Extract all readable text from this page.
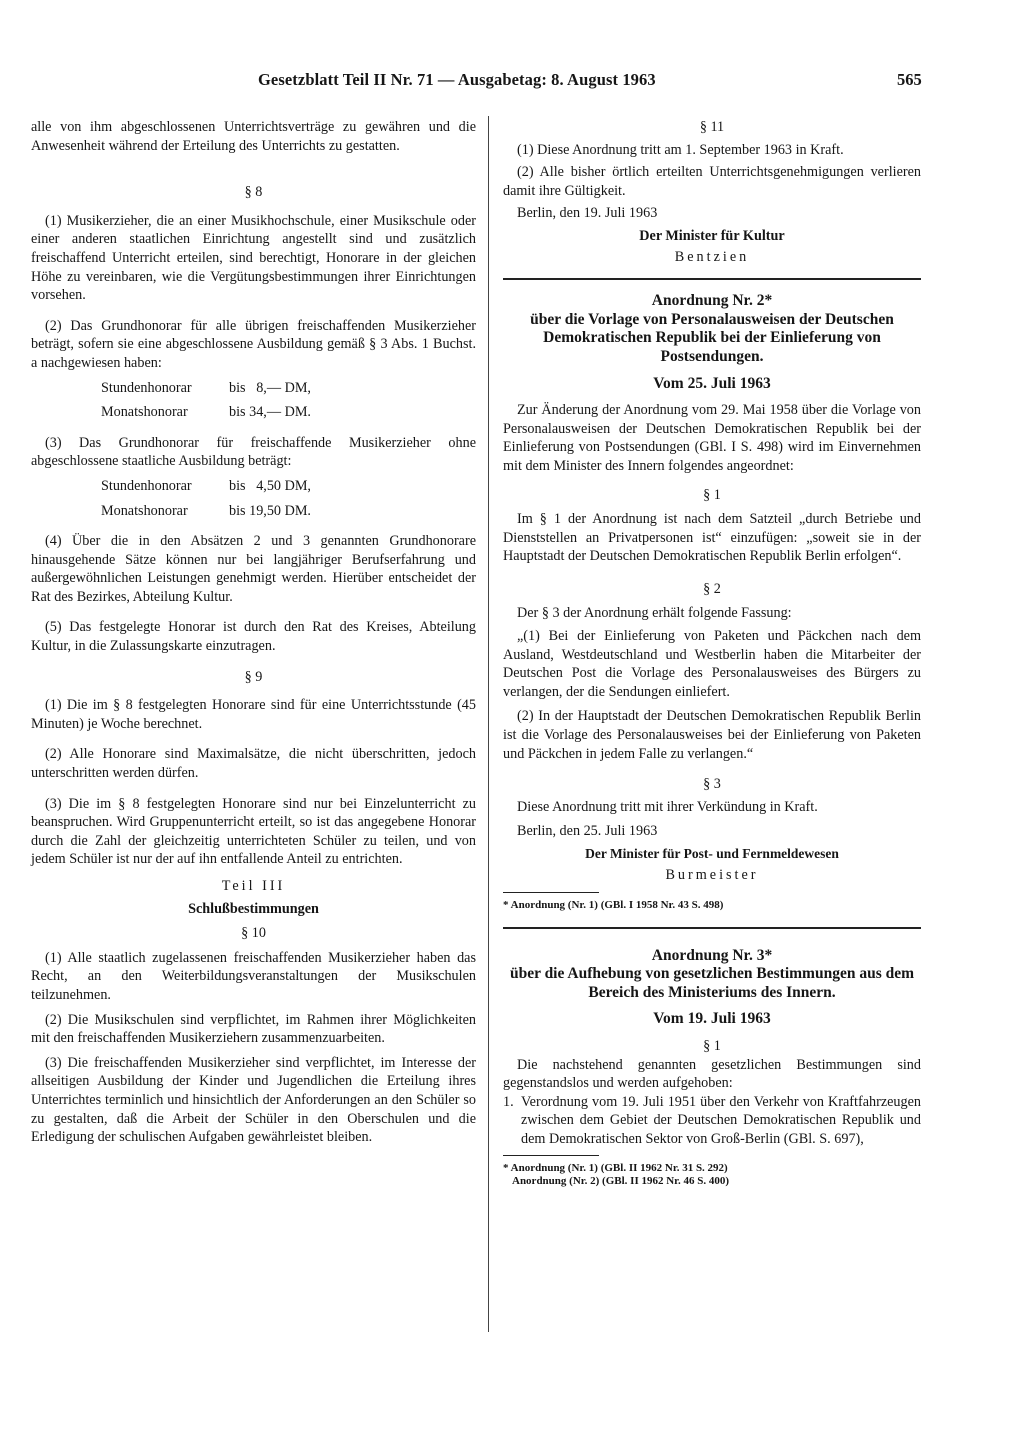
Gesetzblatt Teil II Nr. 71 — Ausgabetag: 8. August 1963	565

alle von ihm abgeschlossenen Unterrichtsverträge zu gewähren und die Anwesenheit während der Erteilung des Unterrichts zu gestatten.

§ 8

(1) Musikerzieher, die an einer Musikhochschule, einer Musikschule oder einer anderen staatlichen Einrichtung angestellt sind und zusätzlich freischaffend Unterricht erteilen, sind berechtigt, Honorare in der gleichen Höhe zu vereinbaren, wie die Vergütungsbestimmungen ihrer Einrichtungen vorsehen.

(2) Das Grundhonorar für alle übrigen freischaffenden Musikerzieher beträgt, sofern sie eine abgeschlossene Ausbildung gemäß § 3 Abs. 1 Buchst. a nachgewiesen haben:

Stundenhonorar	bis   8,— DM,
Monatshonorar	bis 34,— DM.

(3) Das Grundhonorar für freischaffende Musikerzieher ohne abgeschlossene staatliche Ausbildung beträgt:

Stundenhonorar	bis   4,50 DM,
Monatshonorar	bis 19,50 DM.

(4) Über die in den Absätzen 2 und 3 genannten Grundhonorare hinausgehende Sätze können nur bei langjähriger Berufserfahrung und außergewöhnlichen Leistungen genehmigt werden. Hierüber entscheidet der Rat des Bezirkes, Abteilung Kultur.

(5) Das festgelegte Honorar ist durch den Rat des Kreises, Abteilung Kultur, in die Zulassungskarte einzutragen.

§ 9

(1) Die im § 8 festgelegten Honorare sind für eine Unterrichtsstunde (45 Minuten) je Woche berechnet.

(2) Alle Honorare sind Maximalsätze, die nicht überschritten, jedoch unterschritten werden dürfen.

(3) Die im § 8 festgelegten Honorare sind nur bei Einzelunterricht zu beanspruchen. Wird Gruppenunterricht erteilt, so ist das angegebene Honorar durch die Zahl der gleichzeitig unterrichteten Schüler zu teilen, und von jedem Schüler ist nur der auf ihn entfallende Anteil zu entrichten.

Teil III
Schlußbestimmungen
§ 10

(1) Alle staatlich zugelassenen freischaffenden Musikerzieher haben das Recht, an den Weiterbildungsveranstaltungen der Musikschulen teilzunehmen.

(2) Die Musikschulen sind verpflichtet, im Rahmen ihrer Möglichkeiten mit den freischaffenden Musikerziehern zusammenzuarbeiten.

(3) Die freischaffenden Musikerzieher sind verpflichtet, im Interesse der allseitigen Ausbildung der Kinder und Jugendlichen die Erteilung ihres Unterrichtes terminlich und hinsichtlich der Anforderungen an den Schüler so zu gestalten, daß die Arbeit der Schüler in den Oberschulen und die Erledigung der schulischen Aufgaben gewährleistet bleiben.

§ 11

(1) Diese Anordnung tritt am 1. September 1963 in Kraft.

(2) Alle bisher örtlich erteilten Unterrichtsgenehmigungen verlieren damit ihre Gültigkeit.

Berlin, den 19. Juli 1963

Der Minister für Kultur
Bentzien
Anordnung Nr. 2*
über die Vorlage von Personalausweisen der Deutschen Demokratischen Republik bei der Einlieferung von Postsendungen.
Vom 25. Juli 1963

Zur Änderung der Anordnung vom 29. Mai 1958 über die Vorlage von Personalausweisen der Deutschen Demokratischen Republik bei der Einlieferung von Postsendungen (GBl. I S. 498) wird im Einvernehmen mit dem Minister des Innern folgendes angeordnet:

§ 1

Im § 1 der Anordnung ist nach dem Satzteil „durch Betriebe und Dienststellen an Privatpersonen ist“ einzufügen: „soweit sie in der Hauptstadt der Deutschen Demokratischen Republik Berlin erfolgen“.

§ 2

Der § 3 der Anordnung erhält folgende Fassung:

„(1) Bei der Einlieferung von Paketen und Päckchen nach dem Ausland, Westdeutschland und Westberlin haben die Mitarbeiter der Deutschen Post die Vorlage des Personalausweises des Bürgers zu verlangen, der die Sendungen einliefert.

(2) In der Hauptstadt der Deutschen Demokratischen Republik Berlin ist die Vorlage des Personalausweises bei der Einlieferung von Paketen und Päckchen in jedem Falle zu verlangen.“

§ 3

Diese Anordnung tritt mit ihrer Verkündung in Kraft.

Berlin, den 25. Juli 1963

Der Minister für Post- und Fernmeldewesen
Burmeister
* Anordnung (Nr. 1) (GBl. I 1958 Nr. 43 S. 498)
Anordnung Nr. 3*
über die Aufhebung von gesetzlichen Bestimmungen aus dem Bereich des Ministeriums des Innern.
Vom 19. Juli 1963
§ 1

Die nachstehend genannten gesetzlichen Bestimmungen sind gegenstandslos und werden aufgehoben:

1. Verordnung vom 19. Juli 1951 über den Verkehr von Kraftfahrzeugen zwischen dem Gebiet der Deutschen Demokratischen Republik und dem Demokratischen Sektor von Groß-Berlin (GBl. S. 697),
* Anordnung (Nr. 1) (GBl. II 1962 Nr. 31 S. 292)
Anordnung (Nr. 2) (GBl. II 1962 Nr. 46 S. 400)
